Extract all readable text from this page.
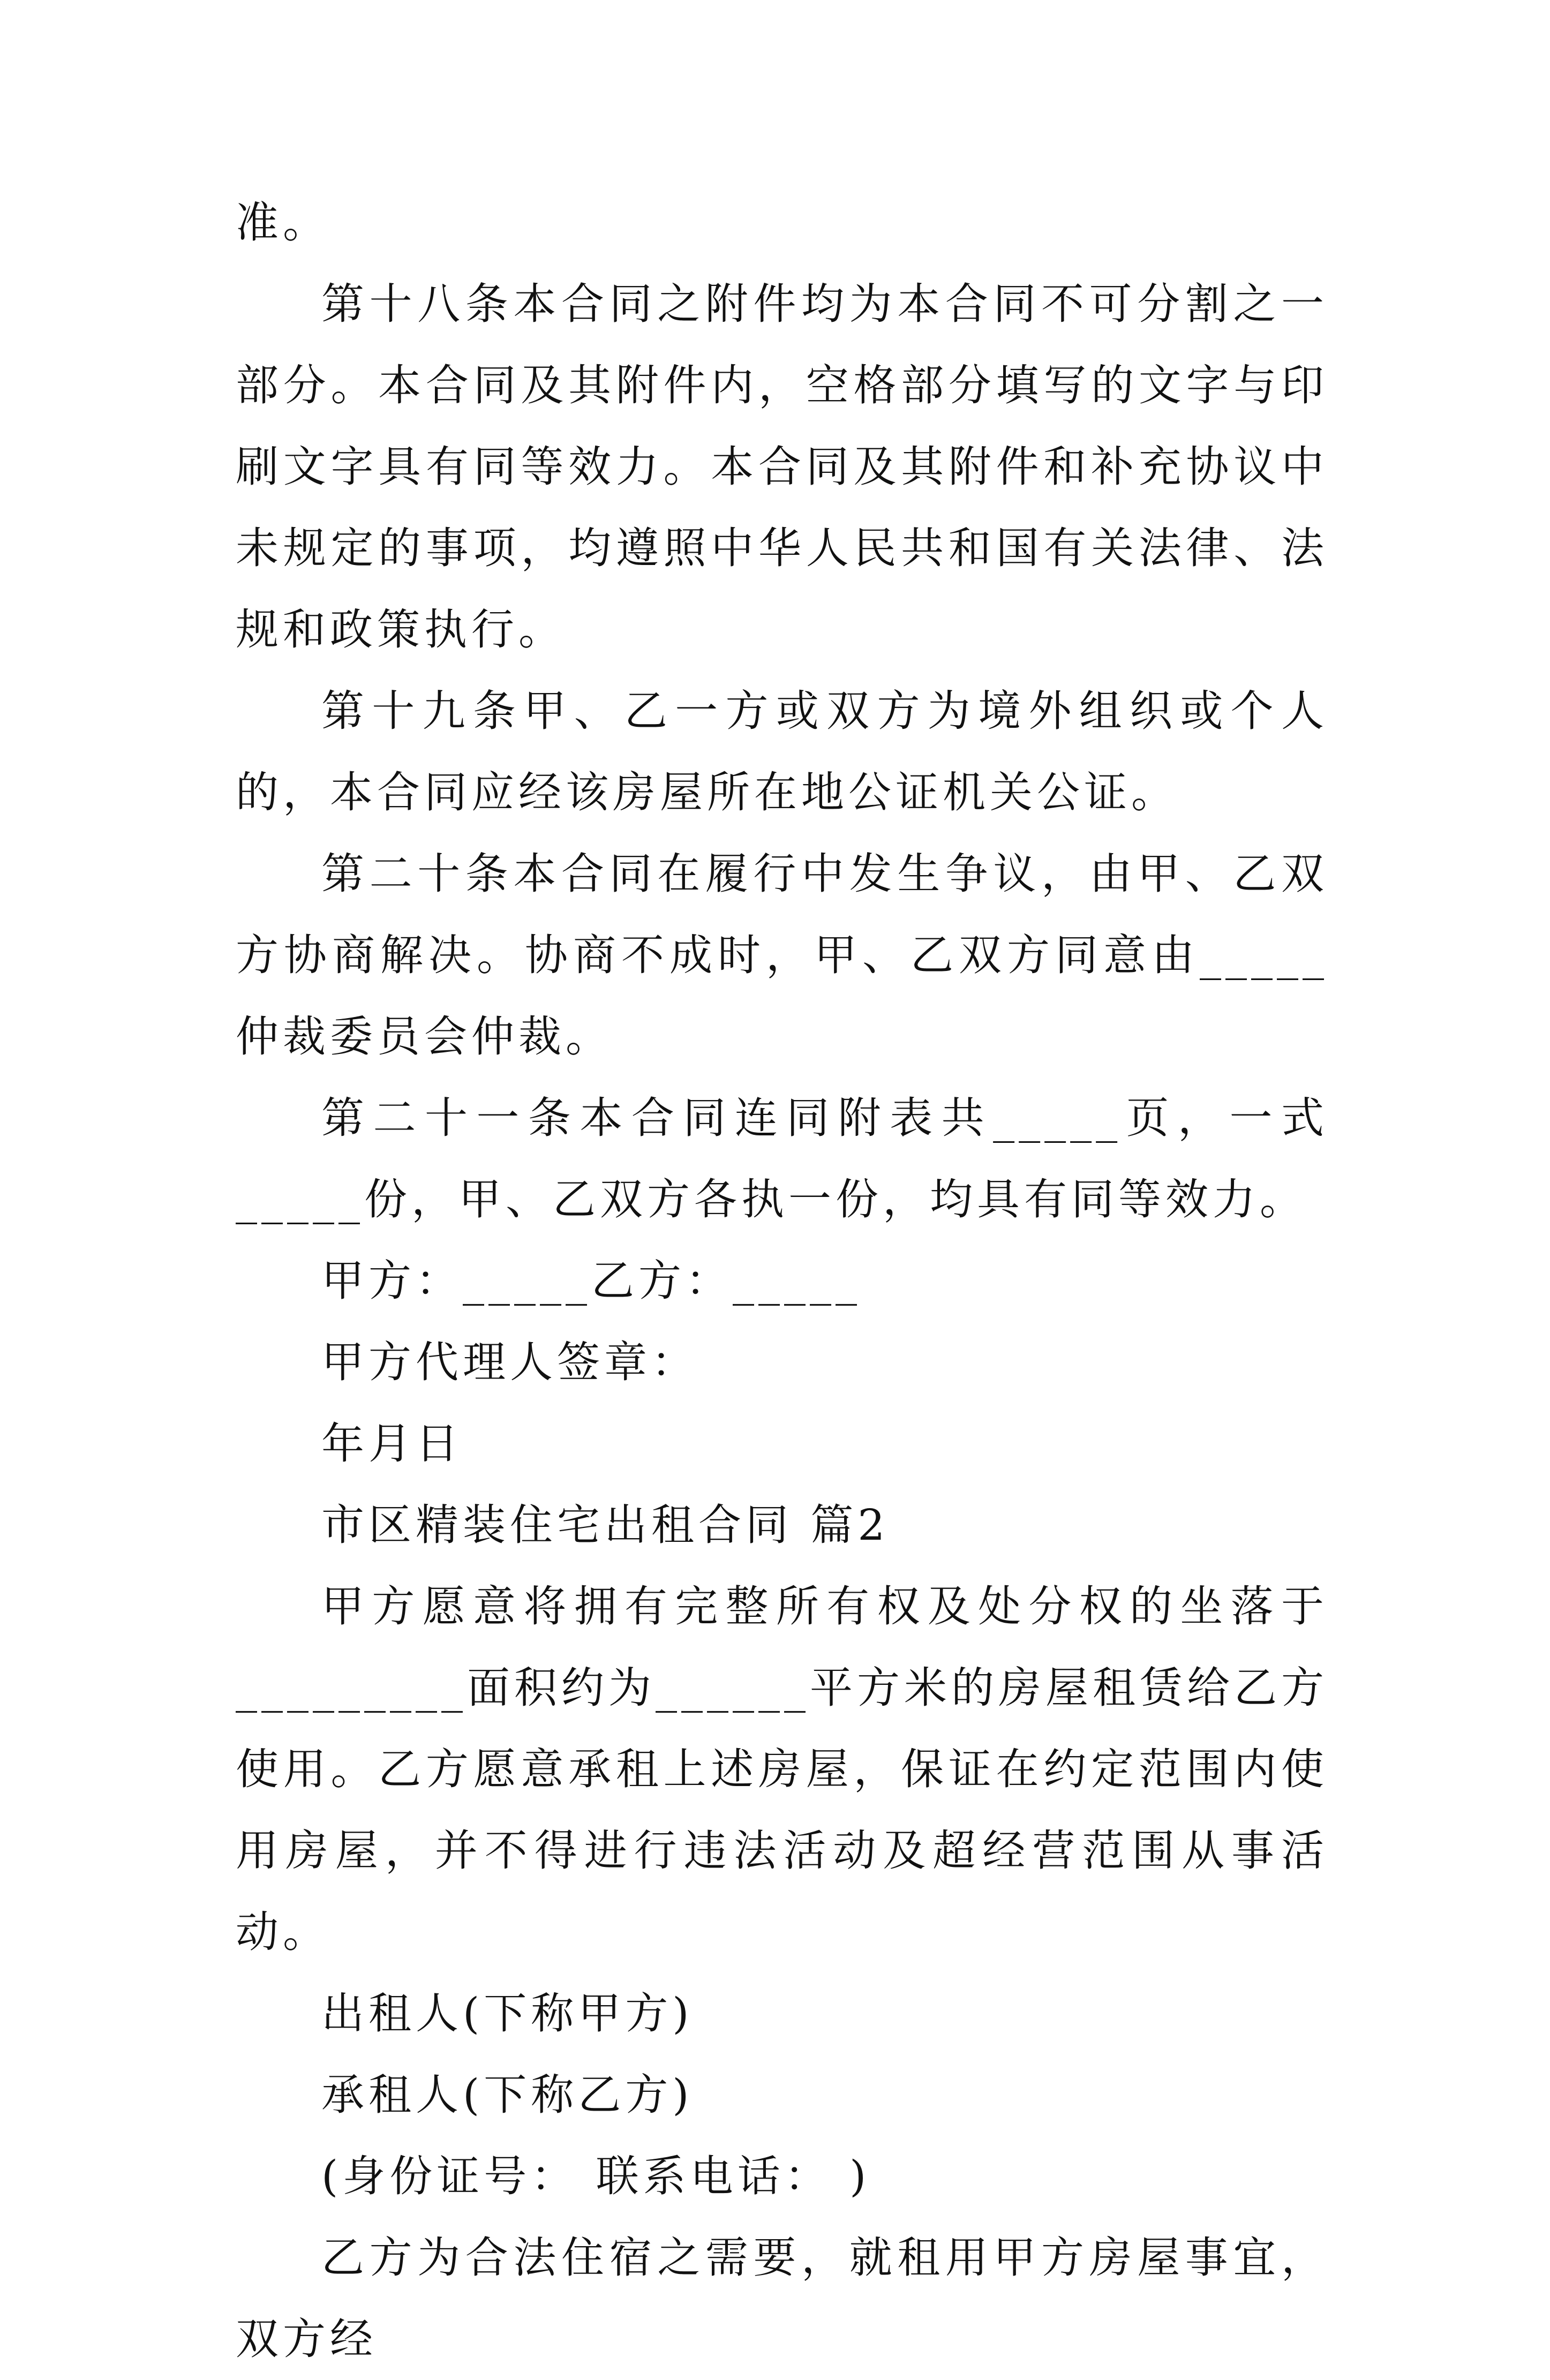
准。

第十八条本合同之附件均为本合同不可分割之一部分。本合同及其附件内，空格部分填写的文字与印刷文字具有同等效力。本合同及其附件和补充协议中未规定的事项，均遵照中华人民共和国有关法律、法规和政策执行。

第十九条甲、乙一方或双方为境外组织或个人的，本合同应经该房屋所在地公证机关公证。

第二十条本合同在履行中发生争议，由甲、乙双方协商解决。协商不成时，甲、乙双方同意由_____仲裁委员会仲裁。

第二十一条本合同连同附表共_____页，一式_____份，甲、乙双方各执一份，均具有同等效力。

甲方：_____乙方：_____

甲方代理人签章：

年月日

市区精装住宅出租合同 篇2

甲方愿意将拥有完整所有权及处分权的坐落于_________面积约为______平方米的房屋租赁给乙方使用。乙方愿意承租上述房屋，保证在约定范围内使用房屋，并不得进行违法活动及超经营范围从事活动。

出租人(下称甲方)

承租人(下称乙方)

(身份证号： 联系电话： )

乙方为合法住宿之需要，就租用甲方房屋事宜，双方经
